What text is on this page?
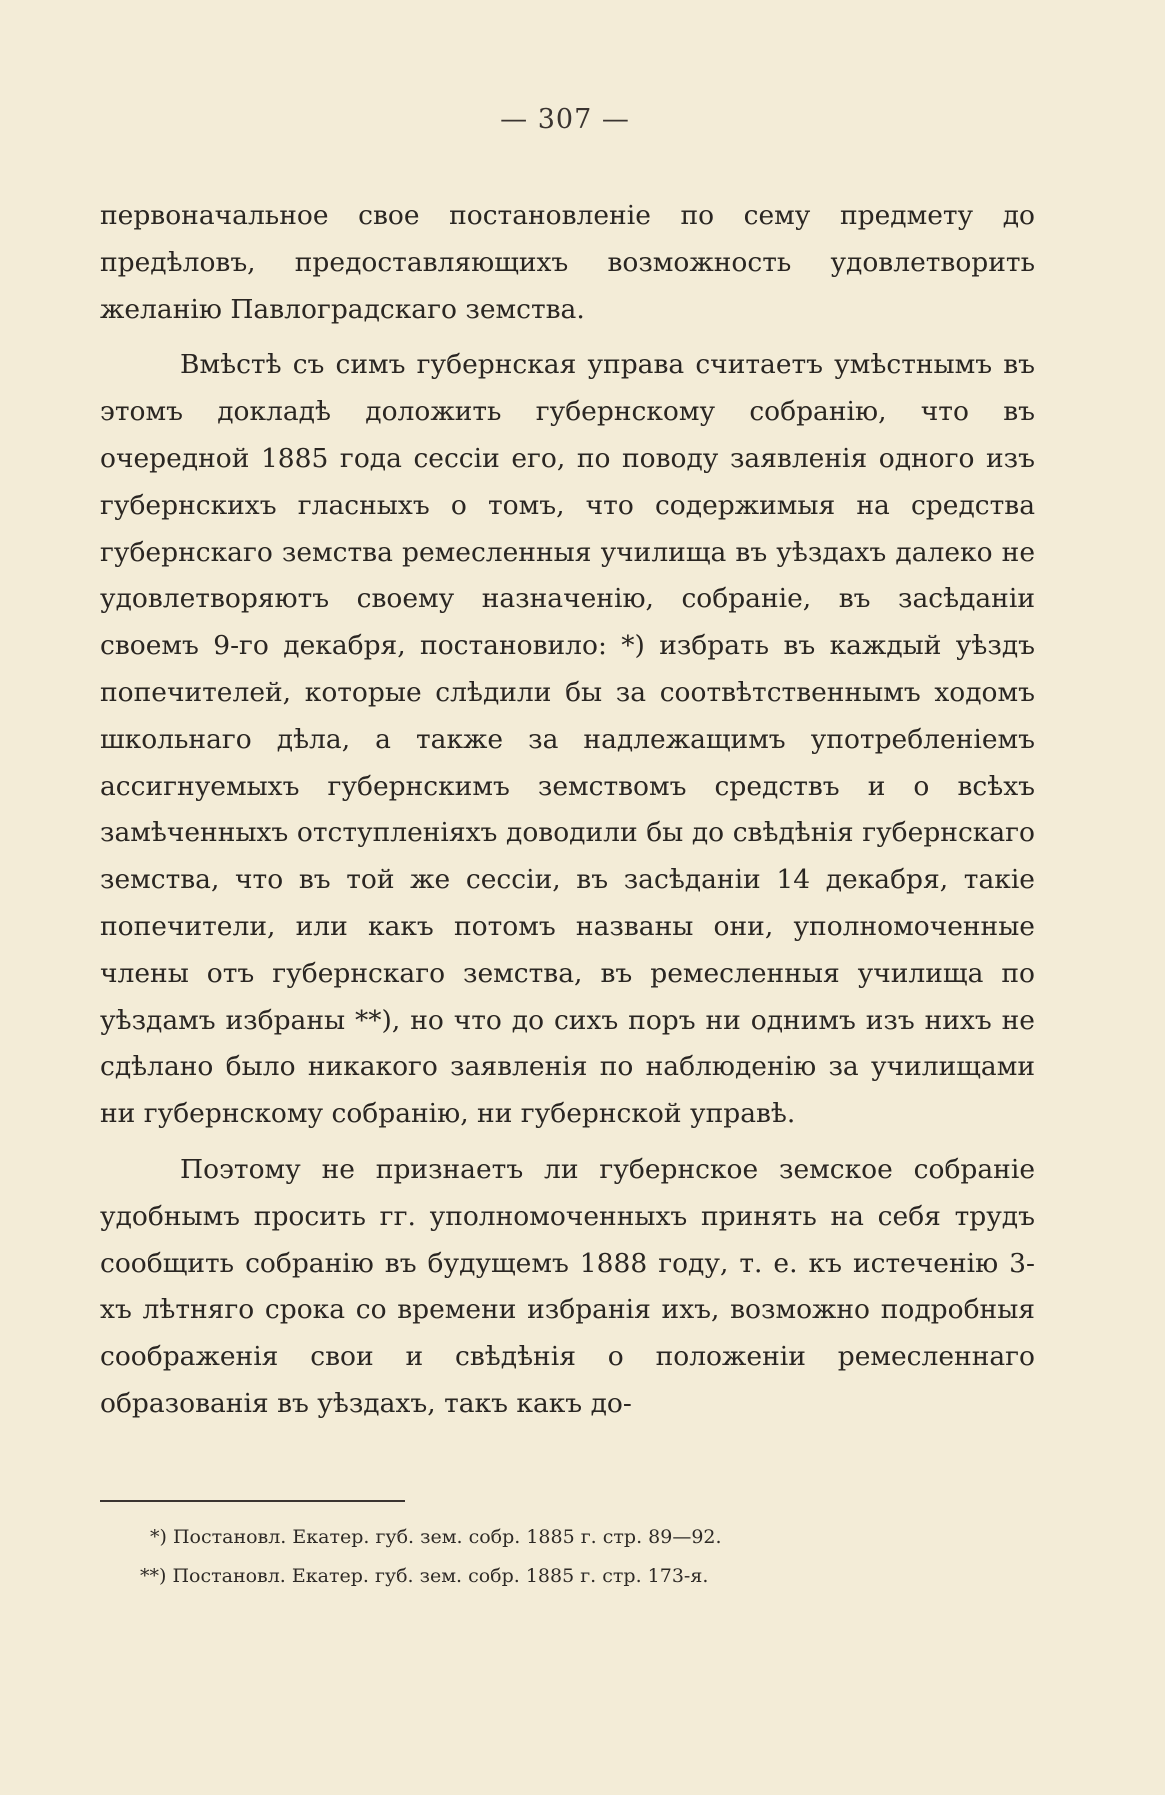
— 307 —

первоначальное свое постановленіе по сему предмету до предѣловъ, предоставляющихъ возможность удовлетворить желанію Павлоградскаго земства.

Вмѣстѣ съ симъ губернская управа считаетъ умѣстнымъ въ этомъ докладѣ доложить губернскому собранію, что въ очередной 1885 года сессіи его, по поводу заявленія одного изъ губернскихъ гласныхъ о томъ, что содержимыя на средства губернскаго земства ремесленныя училища въ уѣздахъ далеко не удовлетворяютъ своему назначенію, собраніе, въ засѣданіи своемъ 9-го декабря, постановило: *) избрать въ каждый уѣздъ попечителей, которые слѣдили бы за соотвѣтственнымъ ходомъ школьнаго дѣла, а также за надлежащимъ употребленіемъ ассигнуемыхъ губернскимъ земствомъ средствъ и о всѣхъ замѣченныхъ отступленіяхъ доводили бы до свѣдѣнія губернскаго земства, что въ той же сессіи, въ засѣданіи 14 декабря, такіе попечители, или какъ потомъ названы они, уполномоченные члены отъ губернскаго земства, въ ремесленныя училища по уѣздамъ избраны **), но что до сихъ поръ ни однимъ изъ нихъ не сдѣлано было никакого заявленія по наблюденію за училищами ни губернскому собранію, ни губернской управѣ.

Поэтому не признаетъ ли губернское земское собраніе удобнымъ просить гг. уполномоченныхъ принять на себя трудъ сообщить собранію въ будущемъ 1888 году, т. е. къ истеченію 3-хъ лѣтняго срока со времени избранія ихъ, возможно подробныя соображенія свои и свѣдѣнія о положеніи ремесленнаго образованія въ уѣздахъ, такъ какъ до-

*) Постановл. Екатер. губ. зем. собр. 1885 г. стр. 89—92.
**) Постановл. Екатер. губ. зем. собр. 1885 г. стр. 173-я.
